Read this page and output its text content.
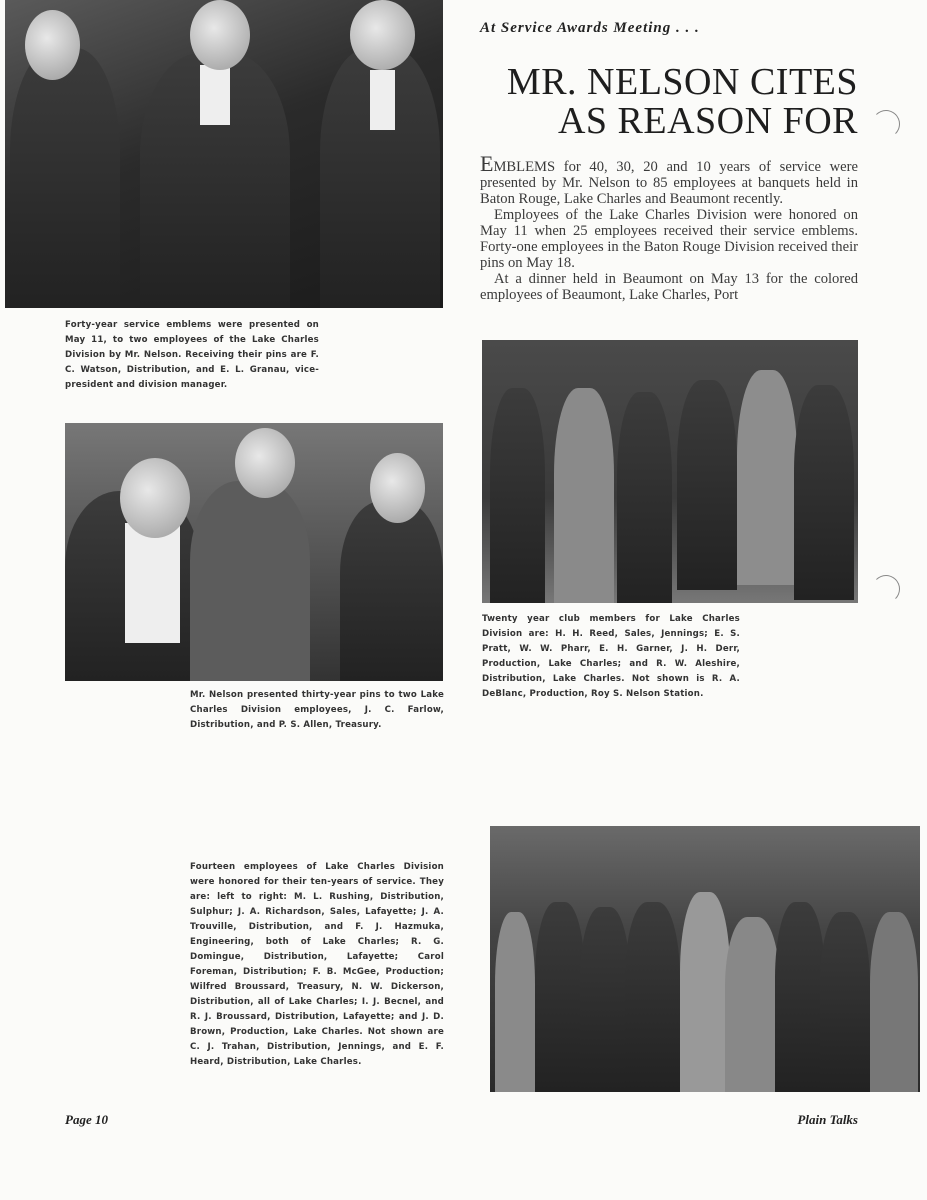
Forty-year service emblems were presented on May 11, to two employees of the Lake Charles Division by Mr. Nelson. Receiving their pins are F. C. Watson, Distribution, and E. L. Granau, vice-president and division manager.
At Service Awards Meeting . . .
MR. NELSON CITES
AS REASON FOR

EMBLEMS for 40, 30, 20 and 10 years of service were presented by Mr. Nelson to 85 employees at banquets held in Baton Rouge, Lake Charles and Beaumont recently.

Employees of the Lake Charles Division were honored on May 11 when 25 employees received their service emblems. Forty-one employees in the Baton Rouge Division received their pins on May 18.

At a dinner held in Beaumont on May 13 for the colored employees of Beaumont, Lake Charles, Port

Twenty year club members for Lake Charles Division are: H. H. Reed, Sales, Jennings; E. S. Pratt, W. W. Pharr, E. H. Garner, J. H. Derr, Production, Lake Charles; and R. W. Aleshire, Distribution, Lake Charles. Not shown is R. A. DeBlanc, Production, Roy S. Nelson Station.
Mr. Nelson presented thirty-year pins to two Lake Charles Division employees, J. C. Farlow, Distribution, and P. S. Allen, Treasury.
Fourteen employees of Lake Charles Division were honored for their ten-years of service. They are: left to right: M. L. Rushing, Distribution, Sulphur; J. A. Richardson, Sales, Lafayette; J. A. Trouville, Distribution, and F. J. Hazmuka, Engineering, both of Lake Charles; R. G. Domingue, Distribution, Lafayette; Carol Foreman, Distribution; F. B. McGee, Production; Wilfred Broussard, Treasury, N. W. Dickerson, Distribution, all of Lake Charles; I. J. Becnel, and R. J. Broussard, Distribution, Lafayette; and J. D. Brown, Production, Lake Charles. Not shown are C. J. Trahan, Distribution, Jennings, and E. F. Heard, Distribution, Lake Charles.
Page 10	Plain Talks
